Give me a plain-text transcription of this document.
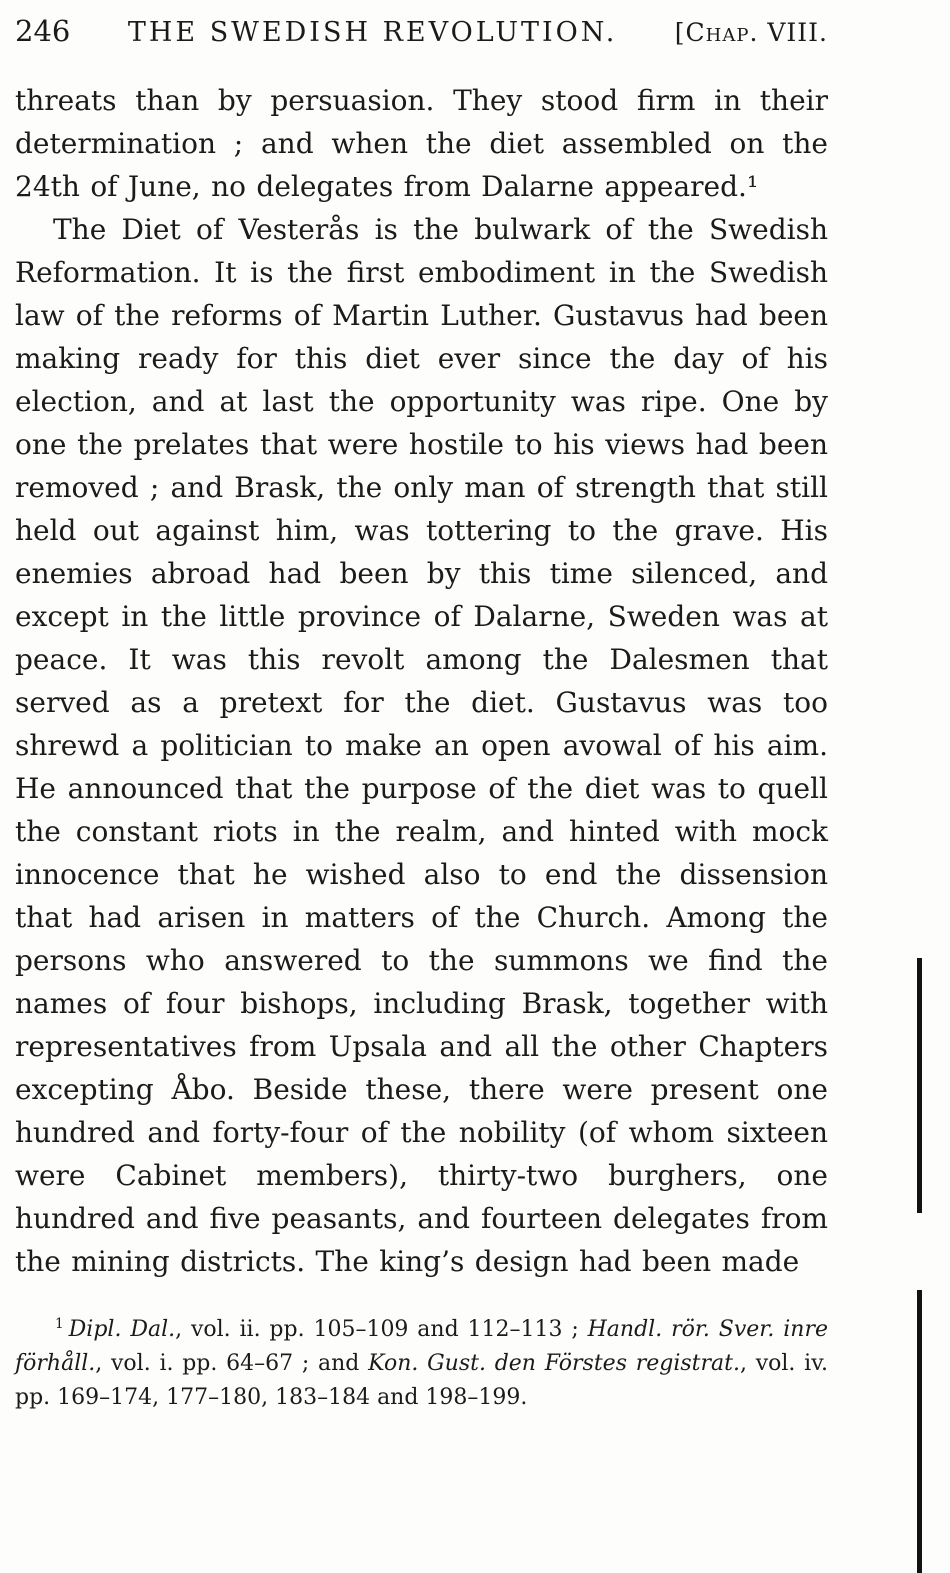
246 THE SWEDISH REVOLUTION. [Chap. VIII.

threats than by persuasion. They stood firm in their determination ; and when the diet assembled on the 24th of June, no delegates from Dalarne appeared.¹

The Diet of Vesterås is the bulwark of the Swedish Reformation. It is the first embodiment in the Swedish law of the reforms of Martin Luther. Gustavus had been making ready for this diet ever since the day of his election, and at last the opportunity was ripe. One by one the prelates that were hostile to his views had been removed ; and Brask, the only man of strength that still held out against him, was tottering to the grave. His enemies abroad had been by this time silenced, and except in the little province of Dalarne, Sweden was at peace. It was this revolt among the Dalesmen that served as a pretext for the diet. Gustavus was too shrewd a politician to make an open avowal of his aim. He announced that the purpose of the diet was to quell the constant riots in the realm, and hinted with mock innocence that he wished also to end the dissension that had arisen in matters of the Church. Among the persons who answered to the summons we find the names of four bishops, including Brask, together with representatives from Upsala and all the other Chapters excepting Åbo. Beside these, there were present one hundred and forty-four of the nobility (of whom sixteen were Cabinet members), thirty-two burghers, one hundred and five peasants, and fourteen delegates from the mining districts. The king’s design had been made

$^1$ Dipl. Dal., vol. ii. pp. 105–109 and 112–113 ; Handl. rör. Sver. inre förhåll., vol. i. pp. 64–67 ; and Kon. Gust. den Förstes registrat., vol. iv. pp. 169–174, 177–180, 183–184 and 198–199.
